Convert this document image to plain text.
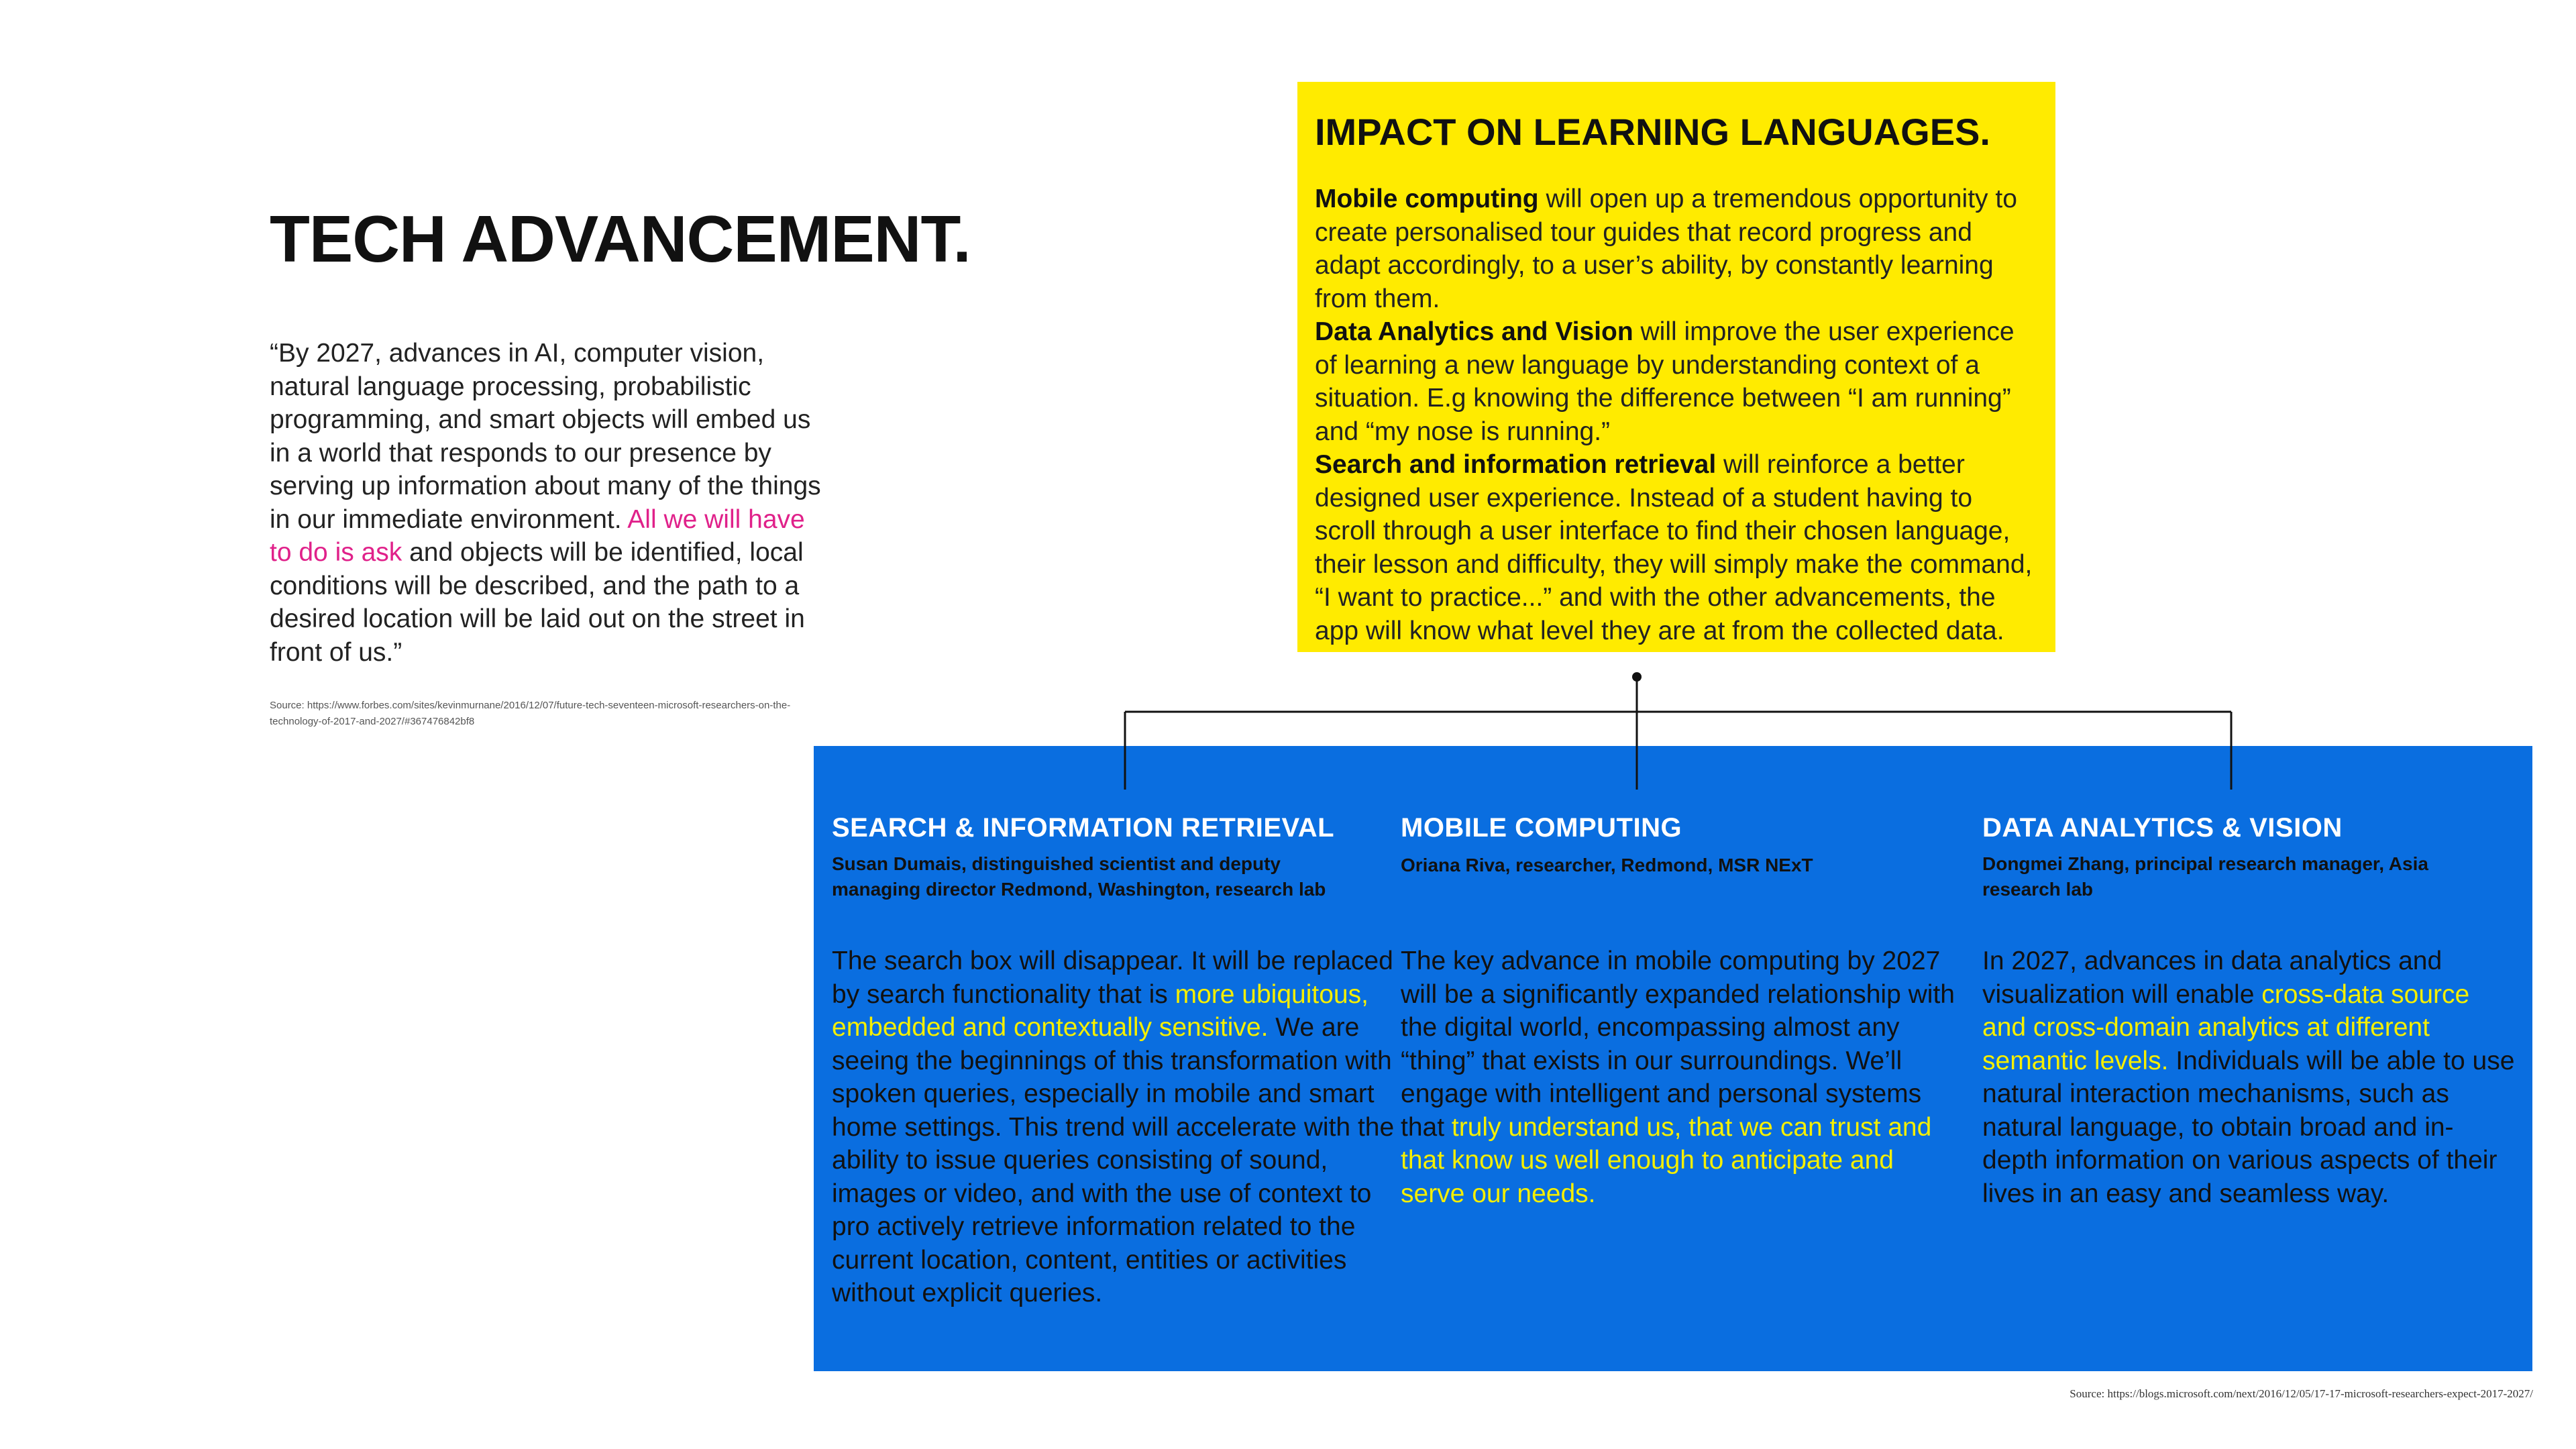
TECH ADVANCEMENT.

“By 2027, advances in AI, computer vision, natural language processing, probabilistic programming, and smart objects will embed us in a world that responds to our presence by serving up information about many of the things in our immediate environment. All we will have to do is ask and objects will be identified, local conditions will be described, and the path to a desired location will be laid out on the street in front of us.”

Source: https://www.forbes.com/sites/kevinmurnane/2016/12/07/future-tech-seventeen-microsoft-researchers-on-the-technology-of-2017-and-2027/#367476842bf8
IMPACT ON LEARNING LANGUAGES.
Mobile computing will open up a tremendous opportunity to create personalised tour guides that record progress and adapt accordingly, to a user’s ability, by constantly learning from them.
Data Analytics and Vision will improve the user experience of learning a new language by understanding context of a situation. E.g knowing the difference between “I am running” and “my nose is running.”
Search and information retrieval will reinforce a better designed user experience. Instead of a student having to scroll through a user interface to find their chosen language, their lesson and difficulty, they will simply make the command, “I want to practice...” and with the other advancements, the app will know what level they are at from the collected data.
SEARCH & INFORMATION RETRIEVAL
Susan Dumais, distinguished scientist and deputy managing director Redmond, Washington, research lab
The search box will disappear. It will be replaced by search functionality that is more ubiquitous, embedded and contextually sensitive. We are seeing the beginnings of this transformation with spoken queries, especially in mobile and smart home settings. This trend will accelerate with the ability to issue queries consisting of sound, images or video, and with the use of context to pro actively retrieve information related to the current location, content, entities or activities without explicit queries.
MOBILE COMPUTING
Oriana Riva, researcher, Redmond, MSR NExT
The key advance in mobile computing by 2027 will be a significantly expanded relationship with the digital world, encompassing almost any “thing” that exists in our surroundings. We’ll engage with intelligent and personal systems that truly understand us, that we can trust and that know us well enough to anticipate and serve our needs.
DATA ANALYTICS & VISION
Dongmei Zhang, principal research manager, Asia research lab
In 2027, advances in data analytics and visualization will enable cross-data source and cross-domain analytics at different semantic levels. Individuals will be able to use natural interaction mechanisms, such as natural language, to obtain broad and in-depth information on various aspects of their lives in an easy and seamless way.
Source: https://blogs.microsoft.com/next/2016/12/05/17-17-microsoft-researchers-expect-2017-2027/
